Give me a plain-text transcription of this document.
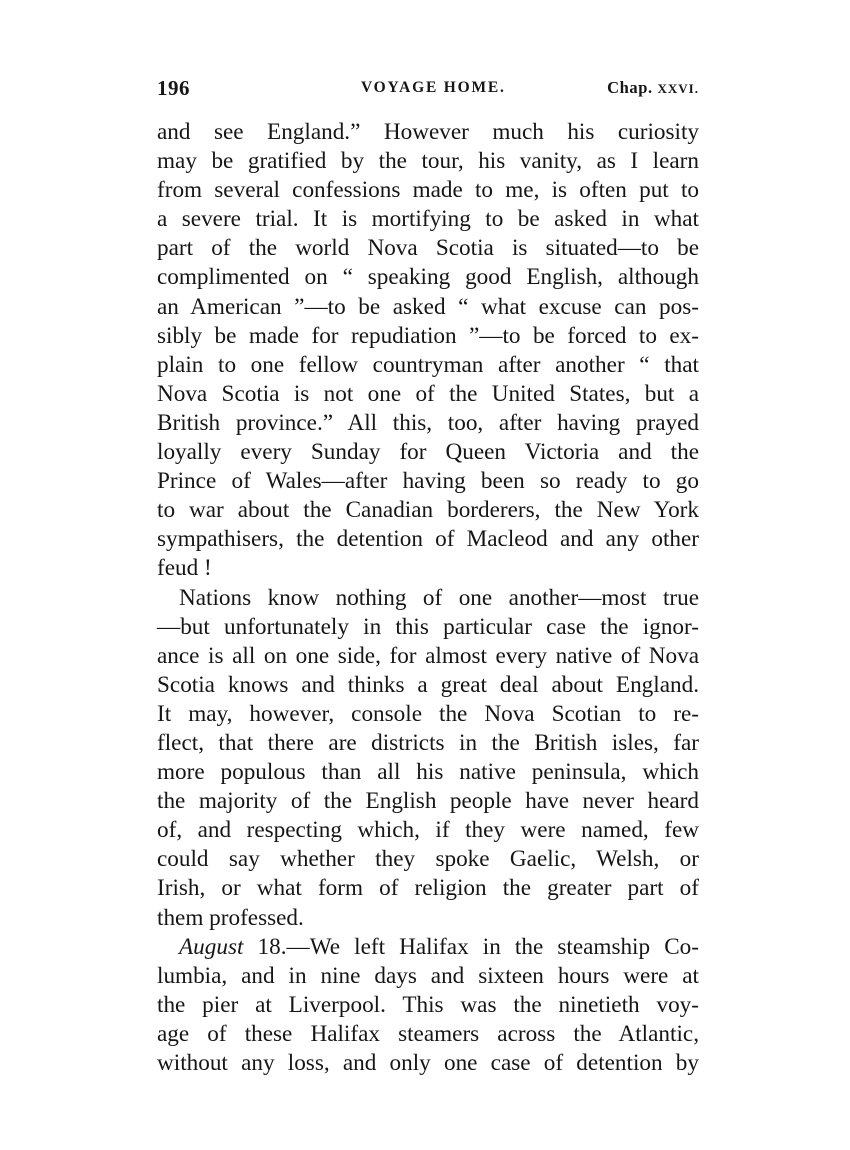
196	VOYAGE HOME.	Chap. XXVI.
and see England.” However much his curiosity
may be gratified by the tour, his vanity, as I learn
from several confessions made to me, is often put to
a severe trial. It is mortifying to be asked in what
part of the world Nova Scotia is situated—to be
complimented on “ speaking good English, although
an American ”—to be asked “ what excuse can pos-
sibly be made for repudiation ”—to be forced to ex-
plain to one fellow countryman after another “ that
Nova Scotia is not one of the United States, but a
British province.” All this, too, after having prayed
loyally every Sunday for Queen Victoria and the
Prince of Wales—after having been so ready to go
to war about the Canadian borderers, the New York
sympathisers, the detention of Macleod and any other
feud !
Nations know nothing of one another—most true
—but unfortunately in this particular case the ignor-
ance is all on one side, for almost every native of Nova
Scotia knows and thinks a great deal about England.
It may, however, console the Nova Scotian to re-
flect, that there are districts in the British isles, far
more populous than all his native peninsula, which
the majority of the English people have never heard
of, and respecting which, if they were named, few
could say whether they spoke Gaelic, Welsh, or
Irish, or what form of religion the greater part of
them professed.
August 18.—We left Halifax in the steamship Co-
lumbia, and in nine days and sixteen hours were at
the pier at Liverpool. This was the ninetieth voy-
age of these Halifax steamers across the Atlantic,
without any loss, and only one case of detention by
